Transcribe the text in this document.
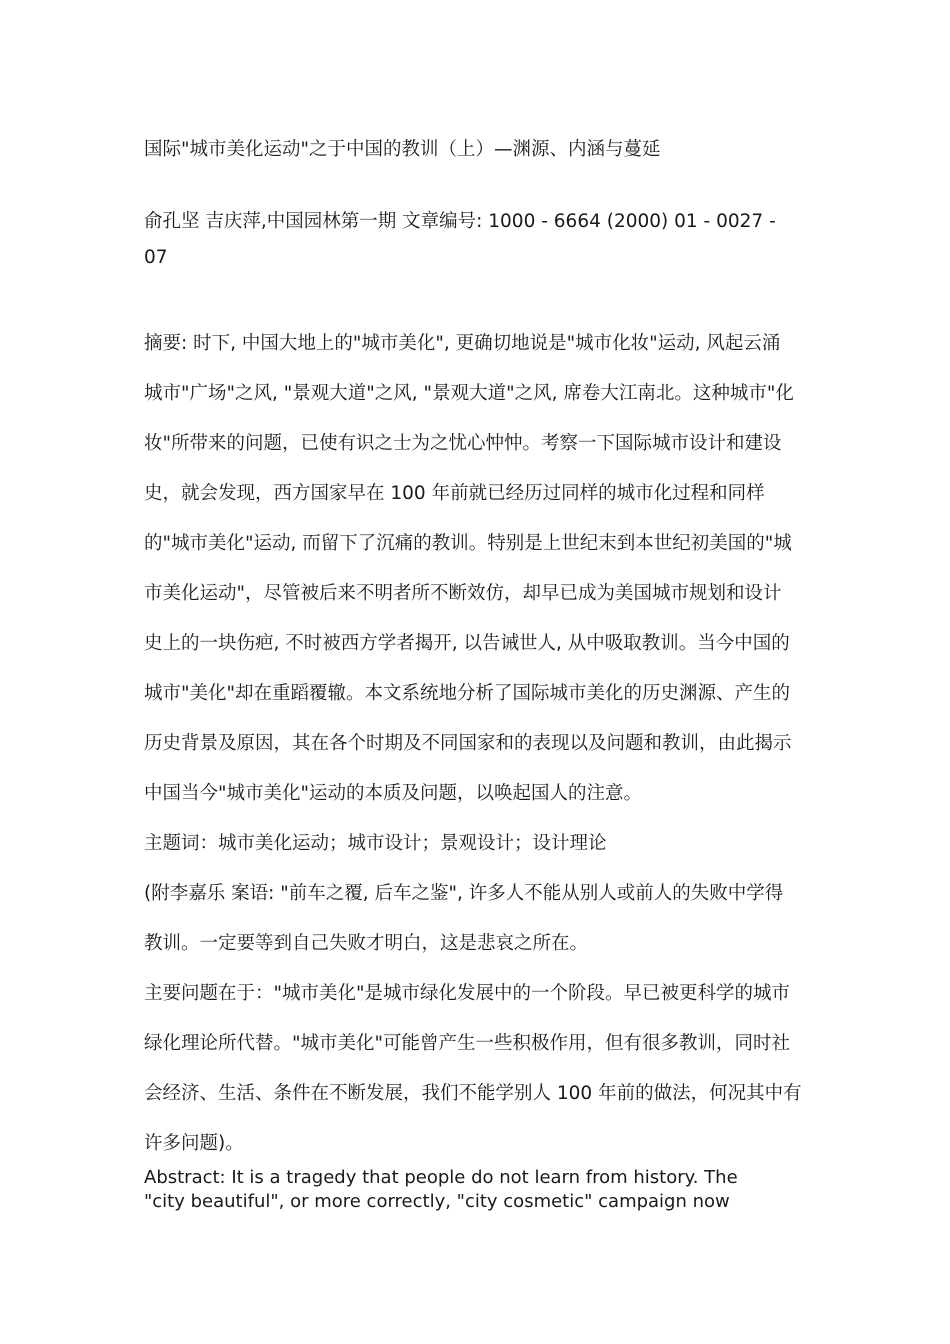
国际"城市美化运动"之于中国的教训（上）—渊源、内涵与蔓延

俞孔坚 吉庆萍,中国园林第一期 文章编号: 1000 - 6664 (2000) 01 - 0027 -

07

摘要: 时下, 中国大地上的"城市美化", 更确切地说是"城市化妆"运动, 风起云涌

城市"广场"之风, "景观大道"之风, "景观大道"之风, 席卷大江南北。这种城市"化

妆"所带来的问题，已使有识之士为之忧心忡忡。考察一下国际城市设计和建设

史，就会发现，西方国家早在 100 年前就已经历过同样的城市化过程和同样

的"城市美化"运动, 而留下了沉痛的教训。特别是上世纪末到本世纪初美国的"城

市美化运动"，尽管被后来不明者所不断效仿，却早已成为美国城市规划和设计

史上的一块伤疤, 不时被西方学者揭开, 以告诫世人, 从中吸取教训。当今中国的

城市"美化"却在重蹈覆辙。本文系统地分析了国际城市美化的历史渊源、产生的

历史背景及原因，其在各个时期及不同国家和的表现以及问题和教训，由此揭示

中国当今"城市美化"运动的本质及问题，以唤起国人的注意。

主题词：城市美化运动；城市设计；景观设计；设计理论

(附李嘉乐 案语: "前车之覆, 后车之鉴", 许多人不能从别人或前人的失败中学得

教训。一定要等到自己失败才明白，这是悲哀之所在。

主要问题在于："城市美化"是城市绿化发展中的一个阶段。早已被更科学的城市

绿化理论所代替。"城市美化"可能曾产生一些积极作用，但有很多教训，同时社

会经济、生活、条件在不断发展，我们不能学别人 100 年前的做法，何况其中有

许多问题)。

Abstract: It is a tragedy that people do not learn from history. The

"city beautiful", or more correctly, "city cosmetic" campaign now
